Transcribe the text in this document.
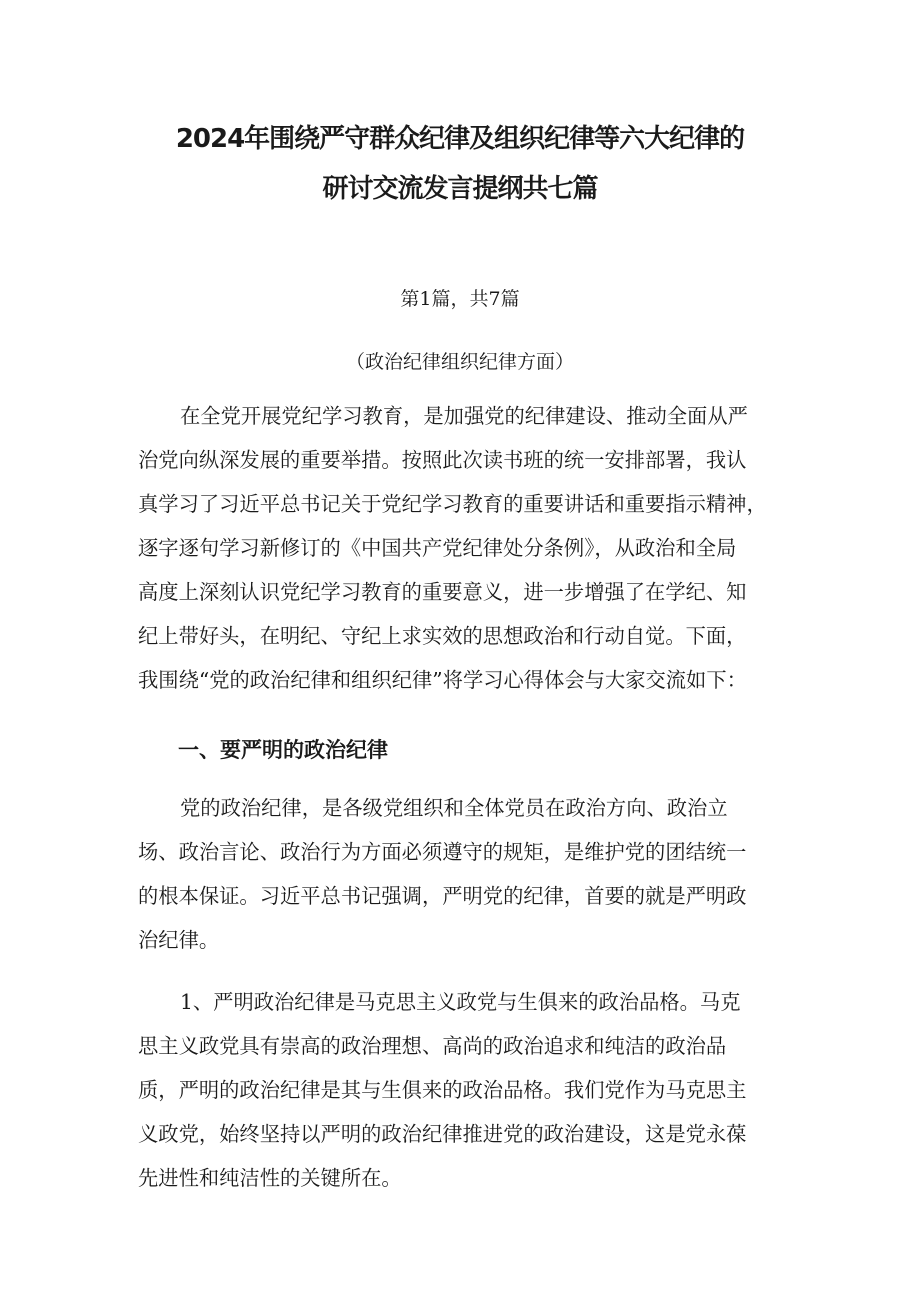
2024年围绕严守群众纪律及组织纪律等六大纪律的
研讨交流发言提纲共七篇

第1篇，共7篇

（政治纪律组织纪律方面）

在全党开展党纪学习教育，是加强党的纪律建设、推动全面从严

治党向纵深发展的重要举措。按照此次读书班的统一安排部署，我认

真学习了习近平总书记关于党纪学习教育的重要讲话和重要指示精神，

逐字逐句学习新修订的《中国共产党纪律处分条例》，从政治和全局

高度上深刻认识党纪学习教育的重要意义，进一步增强了在学纪、知

纪上带好头，在明纪、守纪上求实效的思想政治和行动自觉。下面，

我围绕“党的政治纪律和组织纪律”将学习心得体会与大家交流如下：

一、要严明的政治纪律

党的政治纪律，是各级党组织和全体党员在政治方向、政治立

场、政治言论、政治行为方面必须遵守的规矩，是维护党的团结统一

的根本保证。习近平总书记强调，严明党的纪律，首要的就是严明政

治纪律。

1、严明政治纪律是马克思主义政党与生俱来的政治品格。马克

思主义政党具有崇高的政治理想、高尚的政治追求和纯洁的政治品

质，严明的政治纪律是其与生俱来的政治品格。我们党作为马克思主

义政党，始终坚持以严明的政治纪律推进党的政治建设，这是党永葆

先进性和纯洁性的关键所在。
